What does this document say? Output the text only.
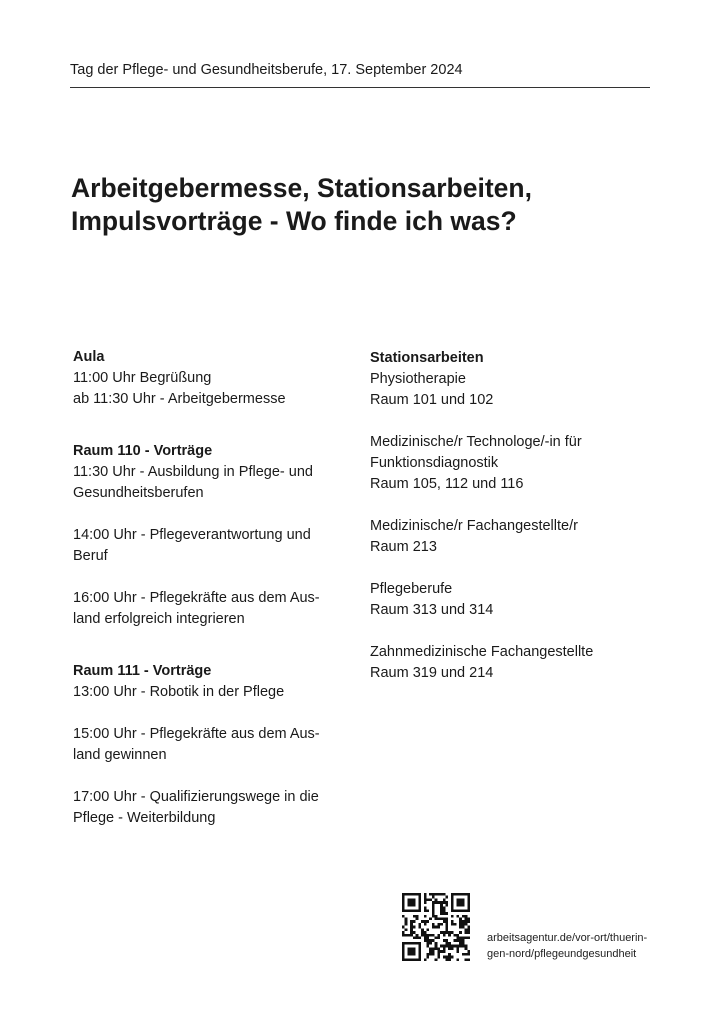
Tag der Pflege- und Gesundheitsberufe, 17. September 2024
Arbeitgebermesse, Stationsarbeiten,
Impulsvorträge - Wo finde ich was?
Aula
11:00 Uhr Begrüßung
ab 11:30 Uhr - Arbeitgebermesse
Raum 110 - Vorträge
11:30 Uhr - Ausbildung in Pflege- und
Gesundheitsberufen
14:00 Uhr - Pflegeverantwortung und
Beruf
16:00 Uhr - Pflegekräfte aus dem Aus-
land erfolgreich integrieren
Raum 111 - Vorträge
13:00 Uhr - Robotik in der Pflege
15:00 Uhr - Pflegekräfte aus dem Aus-
land gewinnen
17:00 Uhr - Qualifizierungswege in die
Pflege - Weiterbildung
Stationsarbeiten
Physiotherapie
Raum 101 und 102
Medizinische/r Technologe/-in für
Funktionsdiagnostik
Raum 105, 112 und 116
Medizinische/r Fachangestellte/r
Raum 213
Pflegeberufe
Raum 313 und 314
Zahnmedizinische Fachangestellte
Raum 319 und 214
arbeitsagentur.de/vor-ort/thuerin-
gen-nord/pflegeundgesundheit
